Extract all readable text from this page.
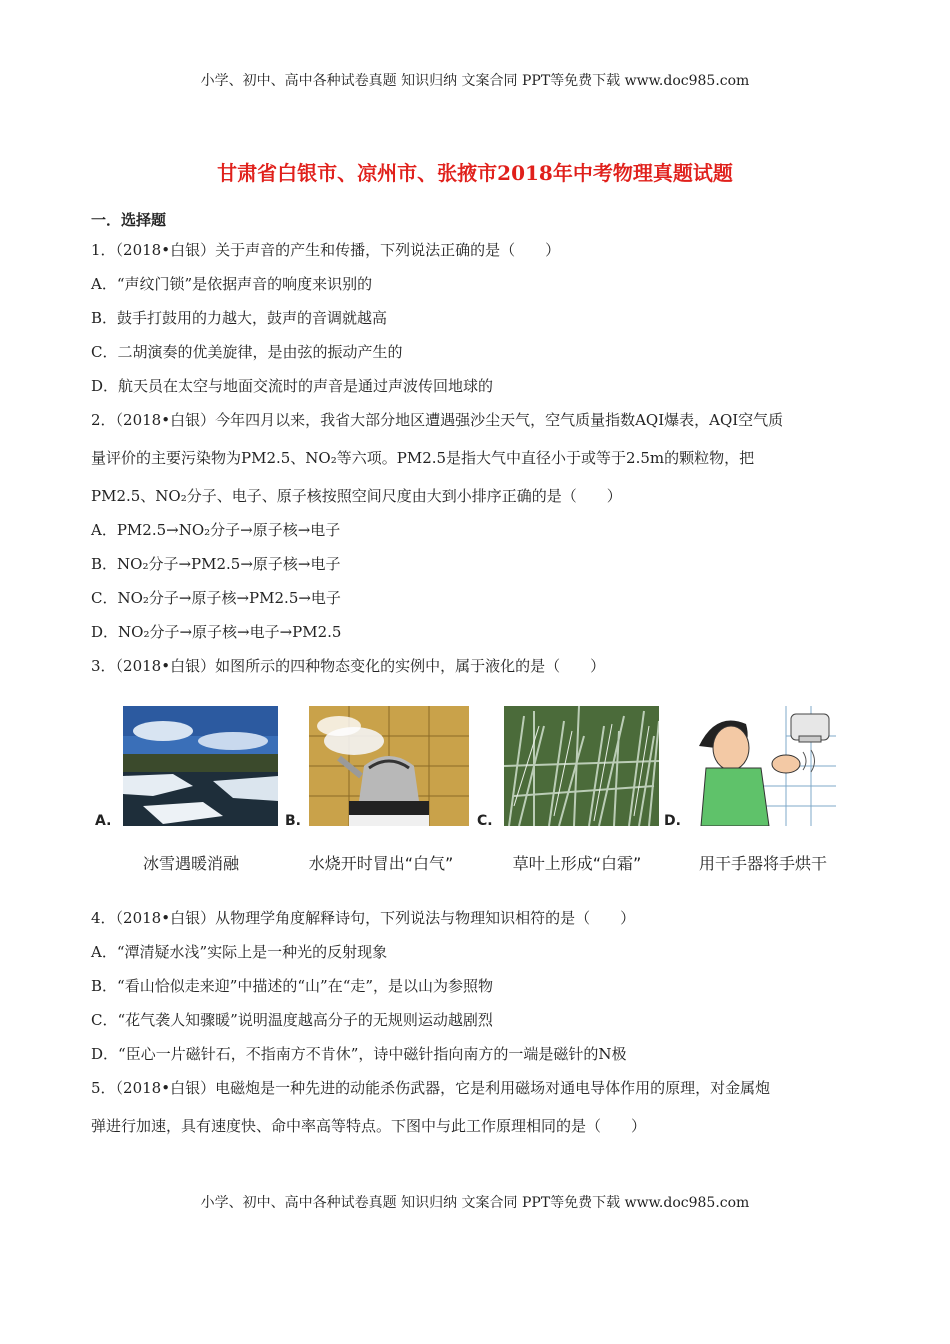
小学、初中、高中各种试卷真题 知识归纳 文案合同 PPT等免费下载 www.doc985.com
甘肃省白银市、凉州市、张掖市2018年中考物理真题试题
一．选择题
1．（2018•白银）关于声音的产生和传播，下列说法正确的是（　　）
A．“声纹门锁”是依据声音的响度来识别的
B．鼓手打鼓用的力越大，鼓声的音调就越高
C．二胡演奏的优美旋律，是由弦的振动产生的
D．航天员在太空与地面交流时的声音是通过声波传回地球的
2．（2018•白银）今年四月以来，我省大部分地区遭遇强沙尘天气，空气质量指数AQI爆表，AQI空气质
量评价的主要污染物为PM2.5、NO₂等六项。PM2.5是指大气中直径小于或等于2.5m的颗粒物，把
PM2.5、NO₂分子、电子、原子核按照空间尺度由大到小排序正确的是（　　）
A．PM2.5→NO₂分子→原子核→电子
B．NO₂分子→PM2.5→原子核→电子
C．NO₂分子→原子核→PM2.5→电子
D．NO₂分子→原子核→电子→PM2.5
3．（2018•白银）如图所示的四种物态变化的实例中，属于液化的是（　　）
A.
冰雪遇暖消融
B.
水烧开时冒出“白气”
C.
草叶上形成“白霜”
D.
用干手器将手烘干
4．（2018•白银）从物理学角度解释诗句，下列说法与物理知识相符的是（　　）
A．“潭清疑水浅”实际上是一种光的反射现象
B．“看山恰似走来迎”中描述的“山”在“走”，是以山为参照物
C．“花气袭人知骤暖”说明温度越高分子的无规则运动越剧烈
D．“臣心一片磁针石，不指南方不肯休”，诗中磁针指向南方的一端是磁针的N极
5．（2018•白银）电磁炮是一种先进的动能杀伤武器，它是利用磁场对通电导体作用的原理，对金属炮
弹进行加速，具有速度快、命中率高等特点。下图中与此工作原理相同的是（　　）
小学、初中、高中各种试卷真题 知识归纳 文案合同 PPT等免费下载 www.doc985.com
